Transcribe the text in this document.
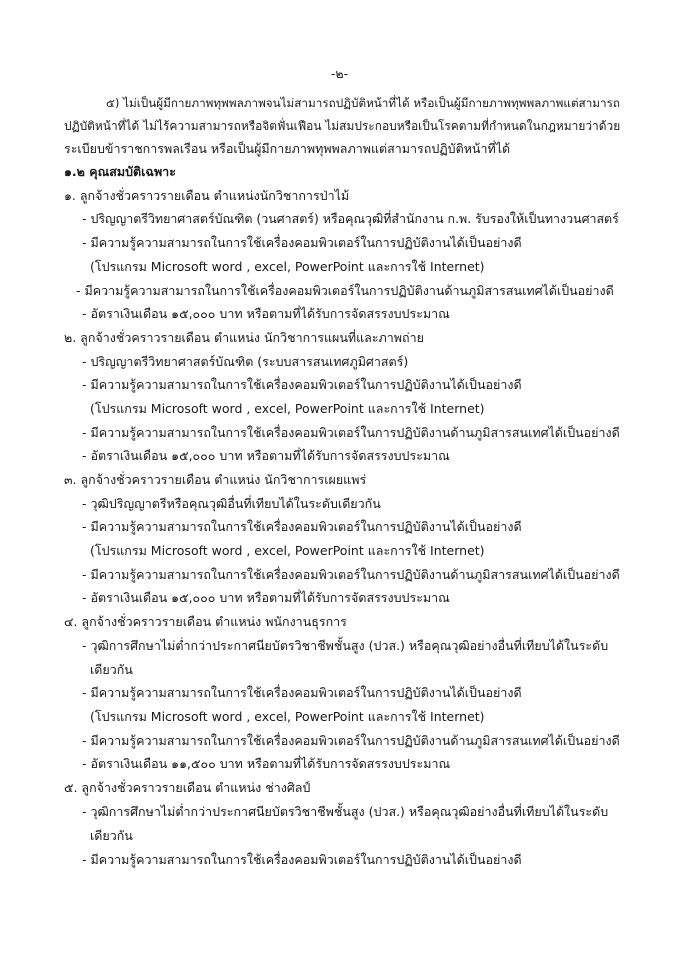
-๒-
๕) ไม่เป็นผู้มีกายภาพทุพพลภาพจนไม่สามารถปฏิบัติหน้าที่ได้ หรือเป็นผู้มีกายภาพทุพพลภาพแต่สามารถ
ปฏิบัติหน้าที่ได้ ไม่ไร้ความสามารถหรือจิตฟั่นเฟือน ไม่สมประกอบหรือเป็นโรคตามที่กำหนดในกฎหมายว่าด้วย
ระเบียบข้าราชการพลเรือน หรือเป็นผู้มีกายภาพทุพพลภาพแต่สามารถปฏิบัติหน้าที่ได้
๑.๒ คุณสมบัติเฉพาะ
๑. ลูกจ้างชั่วคราวรายเดือน ตำแหน่งนักวิชาการป่าไม้
- ปริญญาตรีวิทยาศาสตร์บัณฑิต (วนศาสตร์) หรือคุณวุฒิที่สำนักงาน ก.พ. รับรองให้เป็นทางวนศาสตร์
- มีความรู้ความสามารถในการใช้เครื่องคอมพิวเตอร์ในการปฏิบัติงานได้เป็นอย่างดี
(โปรแกรม Microsoft word , excel, PowerPoint และการใช้ Internet)
- มีความรู้ความสามารถในการใช้เครื่องคอมพิวเตอร์ในการปฏิบัติงานด้านภูมิสารสนเทศได้เป็นอย่างดี
- อัตราเงินเดือน ๑๕,๐๐๐ บาท หรือตามที่ได้รับการจัดสรรงบประมาณ
๒. ลูกจ้างชั่วคราวรายเดือน ตำแหน่ง นักวิชาการแผนที่และภาพถ่าย
- ปริญญาตรีวิทยาศาสตร์บัณฑิต (ระบบสารสนเทศภูมิศาสตร์)
- มีความรู้ความสามารถในการใช้เครื่องคอมพิวเตอร์ในการปฏิบัติงานได้เป็นอย่างดี
(โปรแกรม Microsoft word , excel, PowerPoint และการใช้ Internet)
- มีความรู้ความสามารถในการใช้เครื่องคอมพิวเตอร์ในการปฏิบัติงานด้านภูมิสารสนเทศได้เป็นอย่างดี
- อัตราเงินเดือน ๑๕,๐๐๐ บาท หรือตามที่ได้รับการจัดสรรงบประมาณ
๓. ลูกจ้างชั่วคราวรายเดือน ตำแหน่ง นักวิชาการเผยแพร่
- วุฒิปริญญาตรีหรือคุณวุฒิอื่นที่เทียบได้ในระดับเดียวกัน
- มีความรู้ความสามารถในการใช้เครื่องคอมพิวเตอร์ในการปฏิบัติงานได้เป็นอย่างดี
(โปรแกรม Microsoft word , excel, PowerPoint และการใช้ Internet)
- มีความรู้ความสามารถในการใช้เครื่องคอมพิวเตอร์ในการปฏิบัติงานด้านภูมิสารสนเทศได้เป็นอย่างดี
- อัตราเงินเดือน ๑๕,๐๐๐ บาท หรือตามที่ได้รับการจัดสรรงบประมาณ
๔. ลูกจ้างชั่วคราวรายเดือน ตำแหน่ง พนักงานธุรการ
- วุฒิการศึกษาไม่ต่ำกว่าประกาศนียบัตรวิชาชีพชั้นสูง (ปวส.) หรือคุณวุฒิอย่างอื่นที่เทียบได้ในระดับ
เดียวกัน
- มีความรู้ความสามารถในการใช้เครื่องคอมพิวเตอร์ในการปฏิบัติงานได้เป็นอย่างดี
(โปรแกรม Microsoft word , excel, PowerPoint และการใช้ Internet)
- มีความรู้ความสามารถในการใช้เครื่องคอมพิวเตอร์ในการปฏิบัติงานด้านภูมิสารสนเทศได้เป็นอย่างดี
- อัตราเงินเดือน ๑๑,๕๐๐ บาท หรือตามที่ได้รับการจัดสรรงบประมาณ
๕. ลูกจ้างชั่วคราวรายเดือน ตำแหน่ง ช่างศิลป์
- วุฒิการศึกษาไม่ต่ำกว่าประกาศนียบัตรวิชาชีพชั้นสูง (ปวส.) หรือคุณวุฒิอย่างอื่นที่เทียบได้ในระดับ
เดียวกัน
- มีความรู้ความสามารถในการใช้เครื่องคอมพิวเตอร์ในการปฏิบัติงานได้เป็นอย่างดี
